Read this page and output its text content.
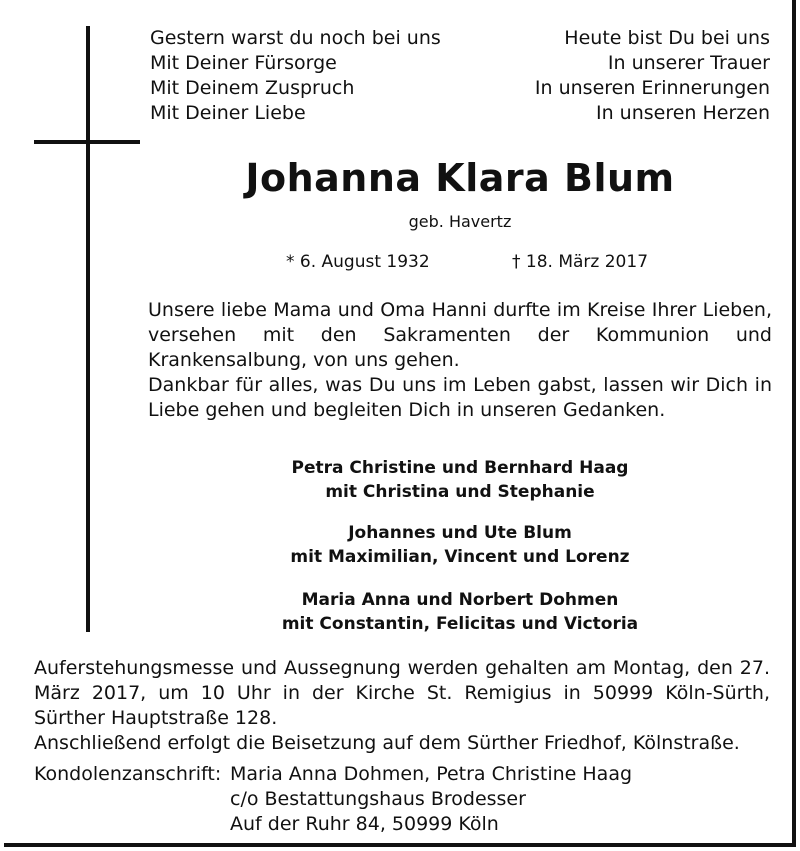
Gestern warst du noch bei uns
Mit Deiner Fürsorge
Mit Deinem Zuspruch
Mit Deiner Liebe
Heute bist Du bei uns
In unserer Trauer
In unseren Erinnerungen
In unseren Herzen
Johanna Klara Blum
geb. Havertz
* 6. August 1932	† 18. März 2017

Unsere liebe Mama und Oma Hanni durfte im Kreise Ihrer Lieben, versehen mit den Sakramenten der Kommunion und Krankensalbung, von uns gehen.

Dankbar für alles, was Du uns im Leben gabst, lassen wir Dich in Liebe gehen und begleiten Dich in unseren Gedanken.

Petra Christine und Bernhard Haag
mit Christina und Stephanie
Johannes und Ute Blum
mit Maximilian, Vincent und Lorenz
Maria Anna und Norbert Dohmen
mit Constantin, Felicitas und Victoria

Auferstehungsmesse und Aussegnung werden gehalten am Montag, den 27. März 2017, um 10 Uhr in der Kirche St. Remigius in 50999 Köln-Sürth, Sürther Hauptstraße 128.

Anschließend erfolgt die Beisetzung auf dem Sürther Friedhof, Kölnstraße.

Kondolenzanschrift: Maria Anna Dohmen, Petra Christine Haag
c/o Bestattungshaus Brodesser
Auf der Ruhr 84, 50999 Köln
